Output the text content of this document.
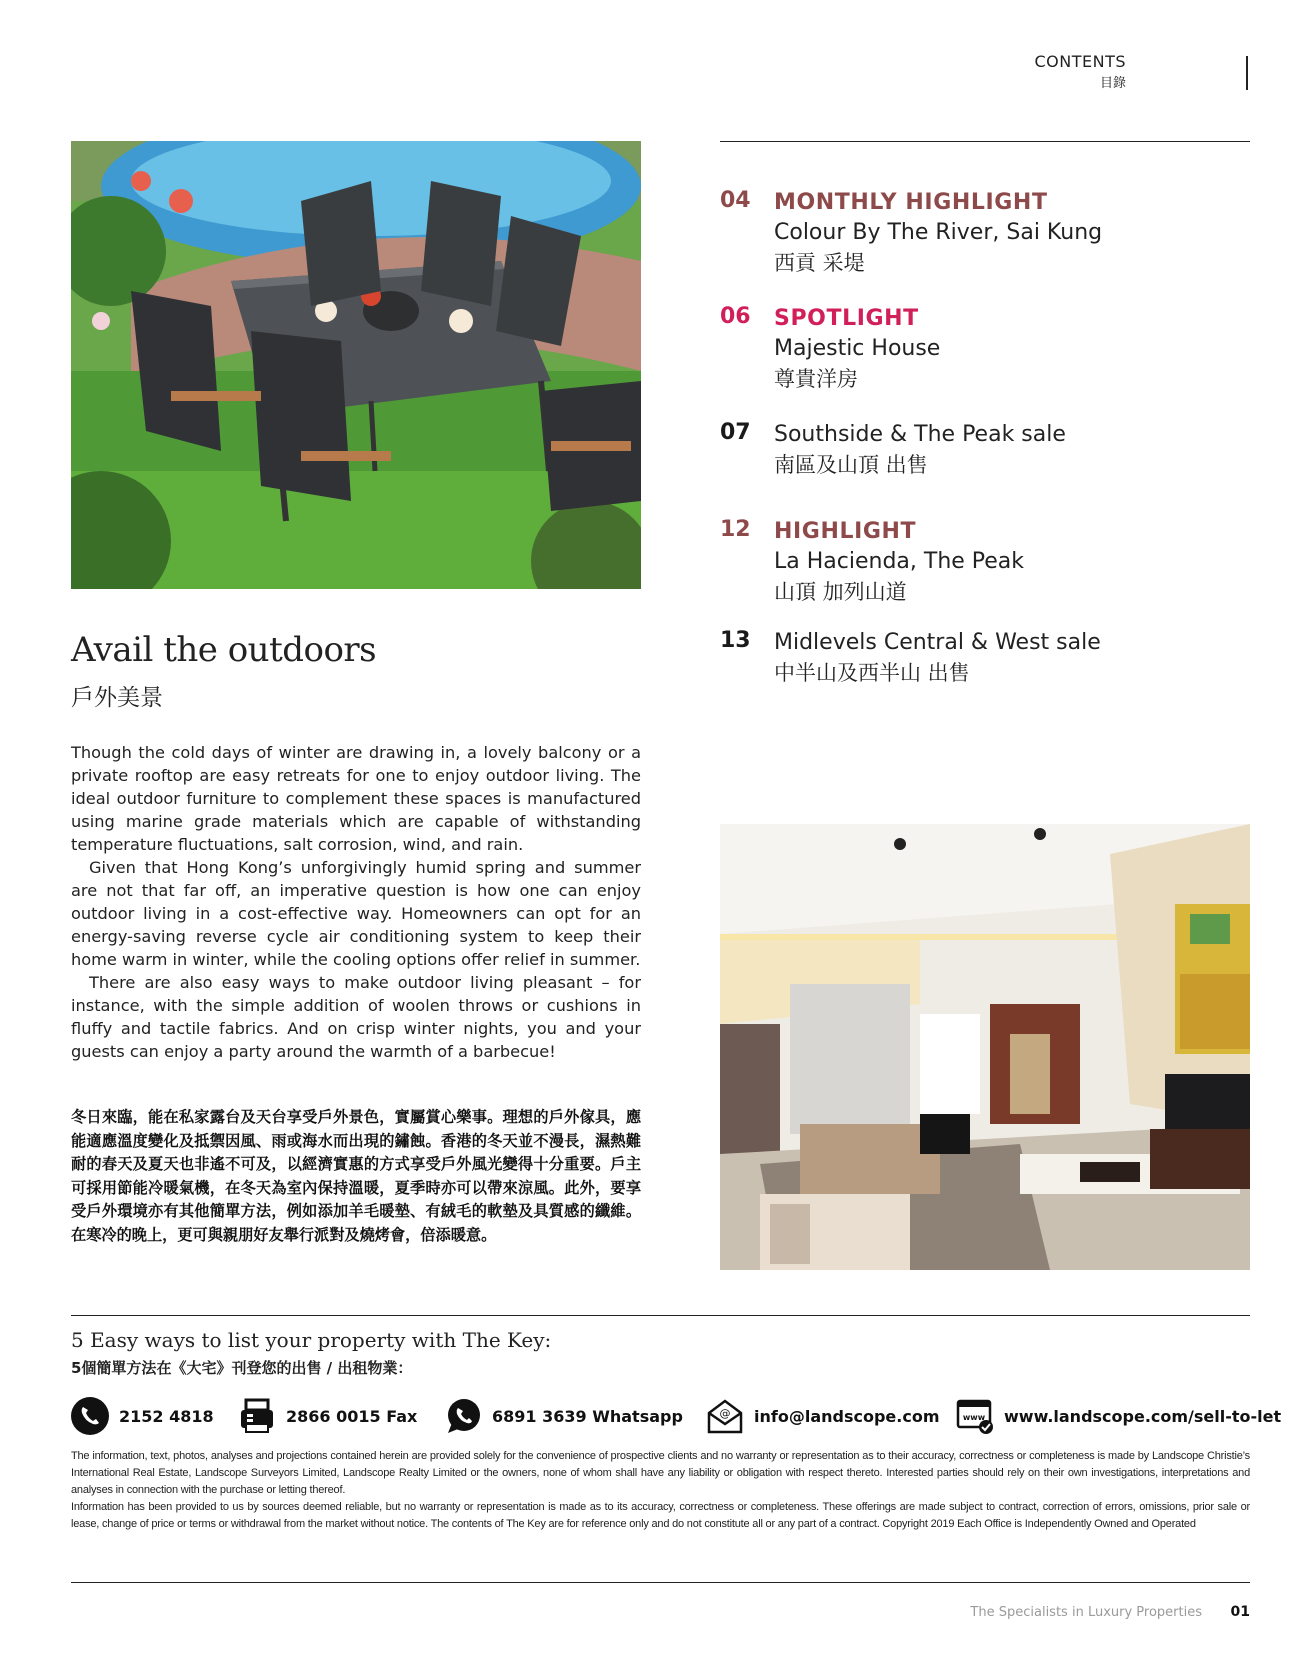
CONTENTS
目錄
04 MONTHLY HIGHLIGHT
Colour By The River, Sai Kung
西貢 采堤
06 SPOTLIGHT
Majestic House
尊貴洋房
07 Southside & The Peak sale
南區及山頂 出售
12 HIGHLIGHT
La Hacienda, The Peak
山頂 加列山道
13 Midlevels Central & West sale
中半山及西半山 出售
Avail the outdoors
戶外美景

Though the cold days of winter are drawing in, a lovely balcony or a private rooftop are easy retreats for one to enjoy outdoor living. The ideal outdoor furniture to complement these spaces is manufactured using marine grade materials which are capable of withstanding temperature fluctuations, salt corrosion, wind, and rain.

Given that Hong Kong’s unforgivingly humid spring and summer are not that far off, an imperative question is how one can enjoy outdoor living in a cost-effective way. Homeowners can opt for an energy-saving reverse cycle air conditioning system to keep their home warm in winter, while the cooling options offer relief in summer.

There are also easy ways to make outdoor living pleasant – for instance, with the simple addition of woolen throws or cushions in fluffy and tactile fabrics. And on crisp winter nights, you and your guests can enjoy a party around the warmth of a barbecue!

冬日來臨，能在私家露台及天台享受戶外景色，實屬賞心樂事。理想的戶外傢具，應能適應溫度變化及抵禦因風、雨或海水而出現的鏽蝕。香港的冬天並不漫長，濕熱難耐的春天及夏天也非遙不可及，以經濟實惠的方式享受戶外風光變得十分重要。戶主可採用節能冷暖氣機，在冬天為室內保持溫暖，夏季時亦可以帶來涼風。此外，要享受戶外環境亦有其他簡單方法，例如添加羊毛暖墊、有絨毛的軟墊及具質感的纖維。在寒冷的晚上，更可與親朋好友舉行派對及燒烤會，倍添暖意。
5 Easy ways to list your property with The Key:
5個簡單方法在《大宅》刊登您的出售 / 出租物業：
2152 4818	2866 0015 Fax	6891 3639 Whatsapp	@ info@landscope.com	www www.landscope.com/sell-to-let

The information, text, photos, analyses and projections contained herein are provided solely for the convenience of prospective clients and no warranty or representation as to their accuracy, correctness or completeness is made by Landscope Christie’s International Real Estate, Landscope Surveyors Limited, Landscope Realty Limited or the owners, none of whom shall have any liability or obligation with respect thereto. Interested parties should rely on their own investigations, interpretations and analyses in connection with the purchase or letting thereof.

Information has been provided to us by sources deemed reliable, but no warranty or representation is made as to its accuracy, correctness or completeness. These offerings are made subject to contract, correction of errors, omissions, prior sale or lease, change of price or terms or withdrawal from the market without notice. The contents of The Key are for reference only and do not constitute all or any part of a contract. Copyright 2019 Each Office is Independently Owned and Operated

The Specialists in Luxury Properties 01
